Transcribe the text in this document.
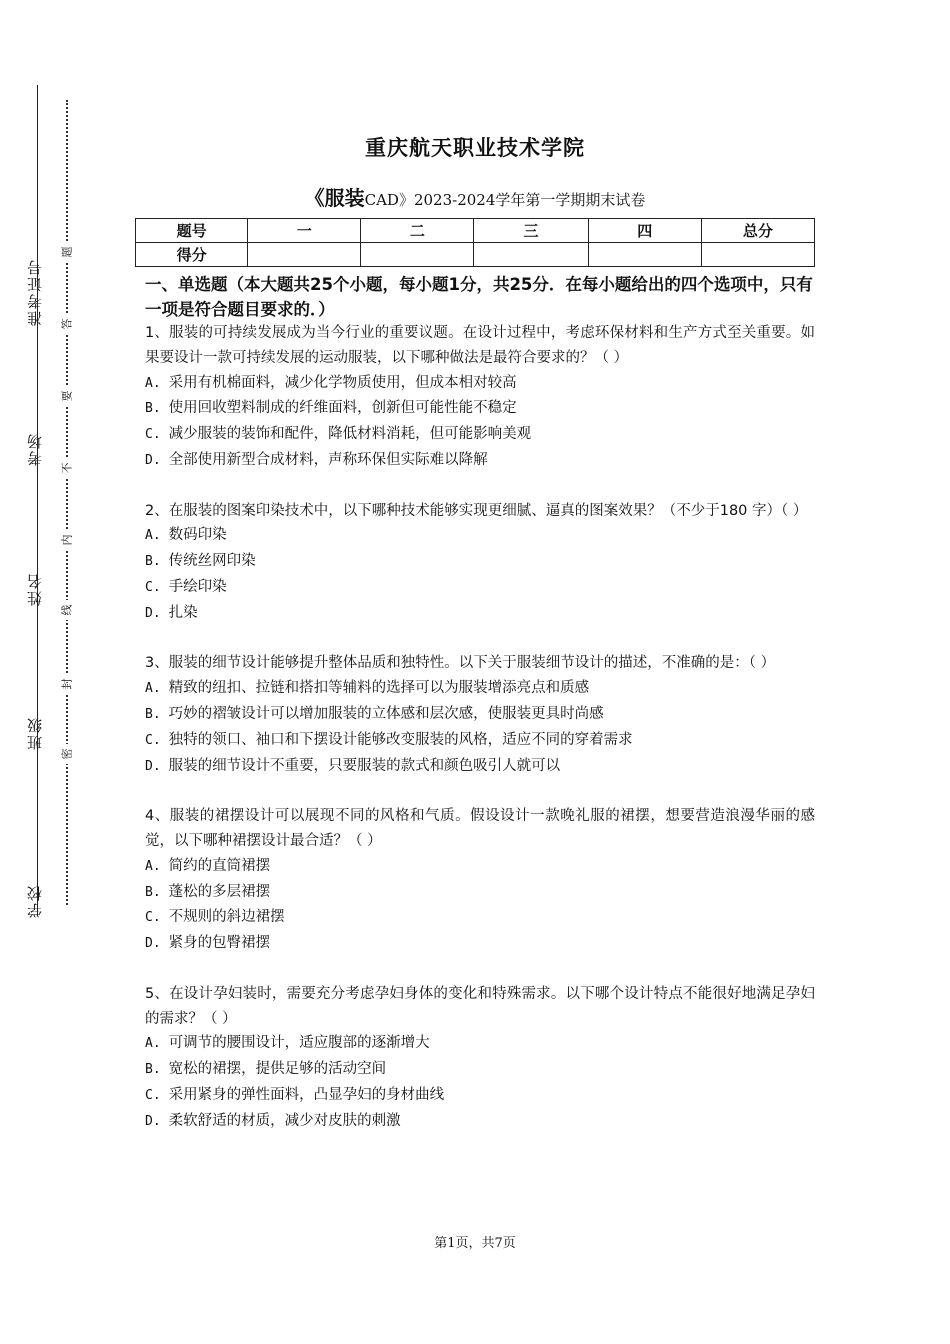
学校
班级
姓名
考场
准考证号
密
封
线
内
不
要
答
题
重庆航天职业技术学院
《服装CAD》2023-2024学年第一学期期末试卷
题号	一	二	三	四	总分
得分					
一、单选题（本大题共25个小题，每小题1分，共25分．在每小题给出的四个选项中，只有一项是符合题目要求的．）
1、服装的可持续发展成为当今行业的重要议题。在设计过程中，考虑环保材料和生产方式至关重要。如果要设计一款可持续发展的运动服装，以下哪种做法是最符合要求的？（ ）
A. 采用有机棉面料，减少化学物质使用，但成本相对较高
B. 使用回收塑料制成的纤维面料，创新但可能性能不稳定
C. 减少服装的装饰和配件，降低材料消耗，但可能影响美观
D. 全部使用新型合成材料，声称环保但实际难以降解
2、在服装的图案印染技术中，以下哪种技术能够实现更细腻、逼真的图案效果？（不少于180 字）（ ）
A. 数码印染
B. 传统丝网印染
C. 手绘印染
D. 扎染
3、服装的细节设计能够提升整体品质和独特性。以下关于服装细节设计的描述，不准确的是：（ ）
A. 精致的纽扣、拉链和搭扣等辅料的选择可以为服装增添亮点和质感
B. 巧妙的褶皱设计可以增加服装的立体感和层次感，使服装更具时尚感
C. 独特的领口、袖口和下摆设计能够改变服装的风格，适应不同的穿着需求
D. 服装的细节设计不重要，只要服装的款式和颜色吸引人就可以
4、服装的裙摆设计可以展现不同的风格和气质。假设设计一款晚礼服的裙摆，想要营造浪漫华丽的感觉，以下哪种裙摆设计最合适？（ ）
A. 简约的直筒裙摆
B. 蓬松的多层裙摆
C. 不规则的斜边裙摆
D. 紧身的包臀裙摆
5、在设计孕妇装时，需要充分考虑孕妇身体的变化和特殊需求。以下哪个设计特点不能很好地满足孕妇的需求？（ ）
A. 可调节的腰围设计，适应腹部的逐渐增大
B. 宽松的裙摆，提供足够的活动空间
C. 采用紧身的弹性面料，凸显孕妇的身材曲线
D. 柔软舒适的材质，减少对皮肤的刺激
第1页，共7页
